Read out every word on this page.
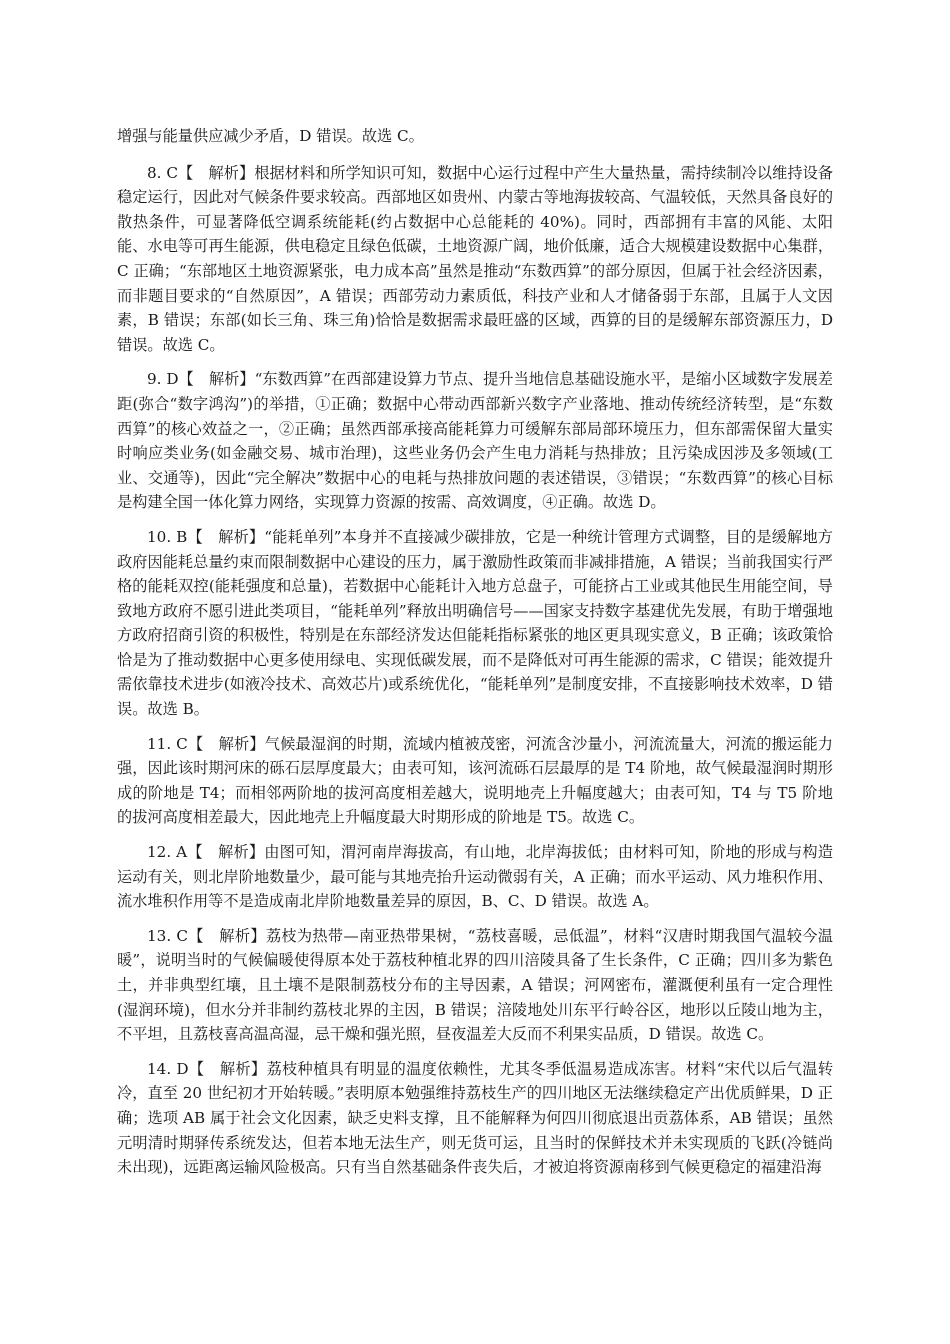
增强与能量供应减少矛盾，D 错误。故选 C。

8. C【　解析】根据材料和所学知识可知，数据中心运行过程中产生大量热量，需持续制冷以维持设备稳定运行，因此对气候条件要求较高。西部地区如贵州、内蒙古等地海拔较高、气温较低，天然具备良好的散热条件，可显著降低空调系统能耗(约占数据中心总能耗的 40%)。同时，西部拥有丰富的风能、太阳能、水电等可再生能源，供电稳定且绿色低碳，土地资源广阔，地价低廉，适合大规模建设数据中心集群，C 正确；“东部地区土地资源紧张，电力成本高”虽然是推动“东数西算”的部分原因，但属于社会经济因素，而非题目要求的“自然原因”，A 错误；西部劳动力素质低，科技产业和人才储备弱于东部，且属于人文因素，B 错误；东部(如长三角、珠三角)恰恰是数据需求最旺盛的区域，西算的目的是缓解东部资源压力，D 错误。故选 C。

9. D【　解析】“东数西算”在西部建设算力节点、提升当地信息基础设施水平，是缩小区域数字发展差距(弥合“数字鸿沟”)的举措，①正确；数据中心带动西部新兴数字产业落地、推动传统经济转型，是“东数西算”的核心效益之一，②正确；虽然西部承接高能耗算力可缓解东部局部环境压力，但东部需保留大量实时响应类业务(如金融交易、城市治理)，这些业务仍会产生电力消耗与热排放；且污染成因涉及多领域(工业、交通等)，因此“完全解决”数据中心的电耗与热排放问题的表述错误，③错误；“东数西算”的核心目标是构建全国一体化算力网络，实现算力资源的按需、高效调度，④正确。故选 D。

10. B【　解析】“能耗单列”本身并不直接减少碳排放，它是一种统计管理方式调整，目的是缓解地方政府因能耗总量约束而限制数据中心建设的压力，属于激励性政策而非减排措施，A 错误；当前我国实行严格的能耗双控(能耗强度和总量)，若数据中心能耗计入地方总盘子，可能挤占工业或其他民生用能空间，导致地方政府不愿引进此类项目，“能耗单列”释放出明确信号——国家支持数字基建优先发展，有助于增强地方政府招商引资的积极性，特别是在东部经济发达但能耗指标紧张的地区更具现实意义，B 正确；该政策恰恰是为了推动数据中心更多使用绿电、实现低碳发展，而不是降低对可再生能源的需求，C 错误；能效提升需依靠技术进步(如液冷技术、高效芯片)或系统优化，“能耗单列”是制度安排，不直接影响技术效率，D 错误。故选 B。

11. C【　解析】气候最湿润的时期，流域内植被茂密，河流含沙量小，河流流量大，河流的搬运能力强，因此该时期河床的砾石层厚度最大；由表可知，该河流砾石层最厚的是 T4 阶地，故气候最湿润时期形成的阶地是 T4；而相邻两阶地的拔河高度相差越大，说明地壳上升幅度越大；由表可知，T4 与 T5 阶地的拔河高度相差最大，因此地壳上升幅度最大时期形成的阶地是 T5。故选 C。

12. A【　解析】由图可知，渭河南岸海拔高，有山地，北岸海拔低；由材料可知，阶地的形成与构造运动有关，则北岸阶地数量少，最可能与其地壳抬升运动微弱有关，A 正确；而水平运动、风力堆积作用、流水堆积作用等不是造成南北岸阶地数量差异的原因，B、C、D 错误。故选 A。

13. C【　解析】荔枝为热带—南亚热带果树，“荔枝喜暖，忌低温”，材料“汉唐时期我国气温较今温暖”，说明当时的气候偏暖使得原本处于荔枝种植北界的四川涪陵具备了生长条件，C 正确；四川多为紫色土，并非典型红壤，且土壤不是限制荔枝分布的主导因素，A 错误；河网密布，灌溉便利虽有一定合理性(湿润环境)，但水分并非制约荔枝北界的主因，B 错误；涪陵地处川东平行岭谷区，地形以丘陵山地为主，不平坦，且荔枝喜高温高湿，忌干燥和强光照，昼夜温差大反而不利果实品质，D 错误。故选 C。

14. D【　解析】荔枝种植具有明显的温度依赖性，尤其冬季低温易造成冻害。材料“宋代以后气温转冷，直至 20 世纪初才开始转暖。”表明原本勉强维持荔枝生产的四川地区无法继续稳定产出优质鲜果，D 正确；选项 AB 属于社会文化因素，缺乏史料支撑，且不能解释为何四川彻底退出贡荔体系，AB 错误；虽然元明清时期驿传系统发达，但若本地无法生产，则无货可运，且当时的保鲜技术并未实现质的飞跃(冷链尚未出现)，远距离运输风险极高。只有当自然基础条件丧失后，才被迫将资源南移到气候更稳定的福建沿海
